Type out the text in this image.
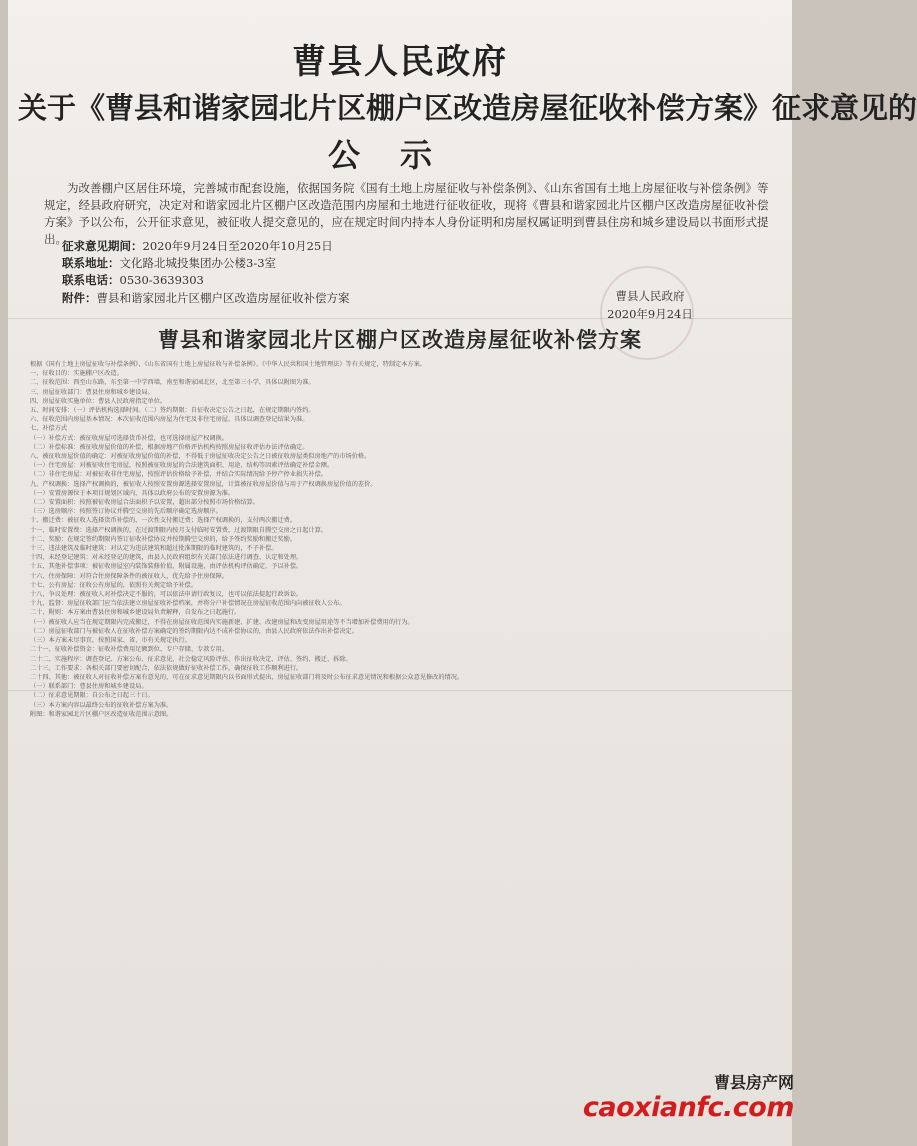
曹县人民政府
关于《曹县和谐家园北片区棚户区改造房屋征收补偿方案》征求意见的
公示
为改善棚户区居住环境，完善城市配套设施，依据国务院《国有土地上房屋征收与补偿条例》、《山东省国有土地上房屋征收与补偿条例》等规定，经县政府研究，决定对和谐家园北片区棚户区改造范围内房屋和土地进行征收征收，现将《曹县和谐家园北片区棚户区改造房屋征收补偿方案》予以公布，公开征求意见，被征收人提交意见的，应在规定时间内持本人身份证明和房屋权属证明到曹县住房和城乡建设局以书面形式提出。
征求意见期间：2020年9月24日至2020年10月25日
联系地址：文化路北城投集团办公楼3-3室
联系电话：0530-3639303
附件：曹县和谐家园北片区棚户区改造房屋征收补偿方案	曹县人民政府
2020年9月24日
曹县和谐家园北片区棚户区改造房屋征收补偿方案

根据《国有土地上房屋征收与补偿条例》、《山东省国有土地上房屋征收与补偿条例》、《中华人民共和国土地管理法》等有关规定，特制定本方案。

一、征收目的：实施棚户区改造。

二、征收范围：西至山东路，东至第一中学西墙，南至和谐家园北区，北至第三小学，具体以附图为准。

三、房屋征收部门：曹县住房和城乡建设局。

四、房屋征收实施单位：曹县人民政府指定单位。

五、时间安排：（一）评估机构选择时间。（二）签约期限：自征收决定公告之日起，在规定期限内签约。

六、征收范围内房屋基本情况：本次征收范围内房屋为住宅及非住宅房屋，具体以调查登记结果为准。

七、补偿方式

（一）补偿方式：被征收房屋可选择货币补偿，也可选择房屋产权调换。

（二）补偿标准：被征收房屋价值的补偿，根据房地产价格评估机构按照房屋征收评估办法评估确定。

八、被征收房屋价值的确定：对被征收房屋价值的补偿，不得低于房屋征收决定公告之日被征收房屋类似房地产的市场价格。

（一）住宅房屋：对被征收住宅房屋，按照被征收房屋的合法建筑面积、用途、结构等因素评估确定补偿金额。

（二）非住宅房屋：对被征收非住宅房屋，按照评估价格给予补偿，并结合实际情况给予停产停业损失补偿。

九、产权调换：选择产权调换的，被征收人按照安置房源选择安置房屋，计算被征收房屋价值与用于产权调换房屋价值的差价。

（一）安置房源位于本项目规划区域内，具体以政府公布的安置房源为准。

（二）安置面积：按照被征收房屋合法面积予以安置，超出部分按照市场价格结算。

（三）选房顺序：按照签订协议并腾空交房的先后顺序确定选房顺序。

十、搬迁费：被征收人选择货币补偿的，一次性支付搬迁费；选择产权调换的，支付两次搬迁费。

十一、临时安置费：选择产权调换的，在过渡期限内按月支付临时安置费，过渡期限自腾空交房之日起计算。

十二、奖励：在规定签约期限内签订征收补偿协议并按期腾空交房的，给予签约奖励和搬迁奖励。

十三、违法建筑及临时建筑：对认定为违法建筑和超过批准期限的临时建筑的，不予补偿。

十四、未经登记建筑：对未经登记的建筑，由县人民政府组织有关部门依法进行调查、认定和处理。

十五、其他补偿事项：被征收房屋室内装饰装修价值、附属设施，由评估机构评估确定，予以补偿。

十六、住房保障：对符合住房保障条件的被征收人，优先给予住房保障。

十七、公有房屋：征收公有房屋的，依照有关规定给予补偿。

十八、争议处理：被征收人对补偿决定不服的，可以依法申请行政复议，也可以依法提起行政诉讼。

十九、监督：房屋征收部门应当依法建立房屋征收补偿档案，并将分户补偿情况在房屋征收范围内向被征收人公布。

二十、附则：本方案由曹县住房和城乡建设局负责解释，自发布之日起施行。

（一）被征收人应当在规定期限内完成搬迁，不得在房屋征收范围内实施新建、扩建、改建房屋和改变房屋用途等不当增加补偿费用的行为。

（二）房屋征收部门与被征收人在征收补偿方案确定的签约期限内达不成补偿协议的，由县人民政府依法作出补偿决定。

（三）本方案未尽事宜，按照国家、省、市有关规定执行。

二十一、征收补偿资金：征收补偿费用足额到位、专户存储、专款专用。

二十二、实施程序：调查登记、方案公布、征求意见、社会稳定风险评估、作出征收决定、评估、签约、搬迁、拆除。

二十三、工作要求：各相关部门要密切配合，依法依规做好征收补偿工作，确保征收工作顺利进行。

二十四、其他：被征收人对征收补偿方案有意见的，可在征求意见期限内以书面形式提出，房屋征收部门将及时公布征求意见情况和根据公众意见修改的情况。

（一）联系部门：曹县住房和城乡建设局。

（二）征求意见期限：自公布之日起三十日。

（三）本方案内容以最终公布的征收补偿方案为准。

附图：和谐家园北片区棚户区改造征收范围示意图。

曹县房产网
caoxianfc.com
